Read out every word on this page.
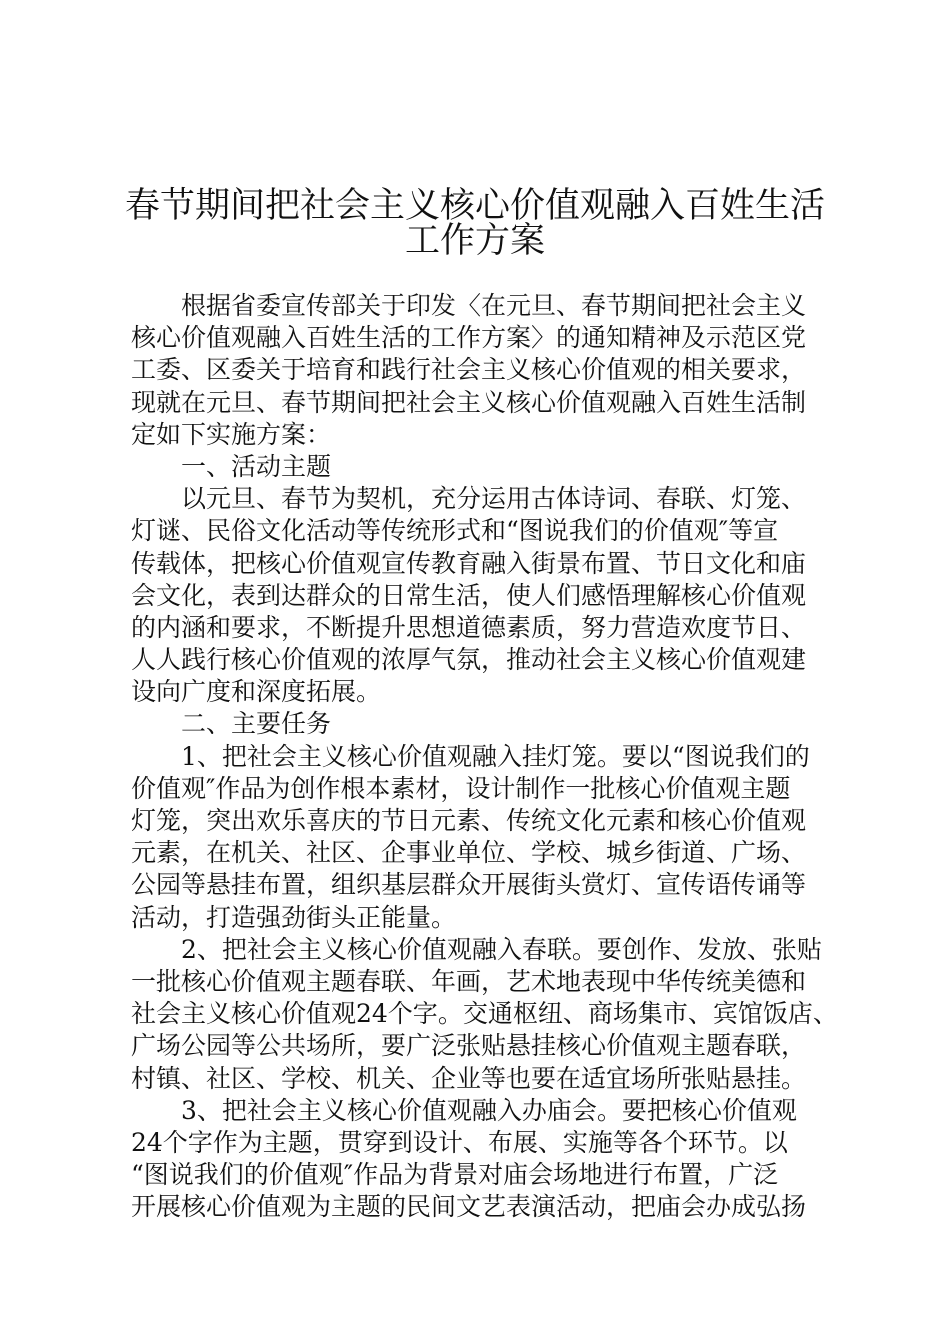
春节期间把社会主义核心价值观融入百姓生活
工作方案

根据省委宣传部关于印发〈在元旦、春节期间把社会主义

核心价值观融入百姓生活的工作方案〉的通知精神及示范区党

工委、区委关于培育和践行社会主义核心价值观的相关要求，

现就在元旦、春节期间把社会主义核心价值观融入百姓生活制

定如下实施方案：

一、活动主题

以元旦、春节为契机，充分运用古体诗词、春联、灯笼、

灯谜、民俗文化活动等传统形式和“图说我们的价值观″等宣

传载体，把核心价值观宣传教育融入街景布置、节日文化和庙

会文化，表到达群众的日常生活，使人们感悟理解核心价值观

的内涵和要求，不断提升思想道德素质，努力营造欢度节日、

人人践行核心价值观的浓厚气氛，推动社会主义核心价值观建

设向广度和深度拓展。

二、主要任务

1、把社会主义核心价值观融入挂灯笼。要以“图说我们的

价值观″作品为创作根本素材，设计制作一批核心价值观主题

灯笼，突出欢乐喜庆的节日元素、传统文化元素和核心价值观

元素，在机关、社区、企事业单位、学校、城乡街道、广场、

公园等悬挂布置，组织基层群众开展街头赏灯、宣传语传诵等

活动，打造强劲街头正能量。

2、把社会主义核心价值观融入春联。要创作、发放、张贴

一批核心价值观主题春联、年画，艺术地表现中华传统美德和

社会主义核心价值观24个字。交通枢纽、商场集市、宾馆饭店、

广场公园等公共场所，要广泛张贴悬挂核心价值观主题春联，

村镇、社区、学校、机关、企业等也要在适宜场所张贴悬挂。

3、把社会主义核心价值观融入办庙会。要把核心价值观

24个字作为主题，贯穿到设计、布展、实施等各个环节。以

“图说我们的价值观″作品为背景对庙会场地进行布置，广泛

开展核心价值观为主题的民间文艺表演活动，把庙会办成弘扬
